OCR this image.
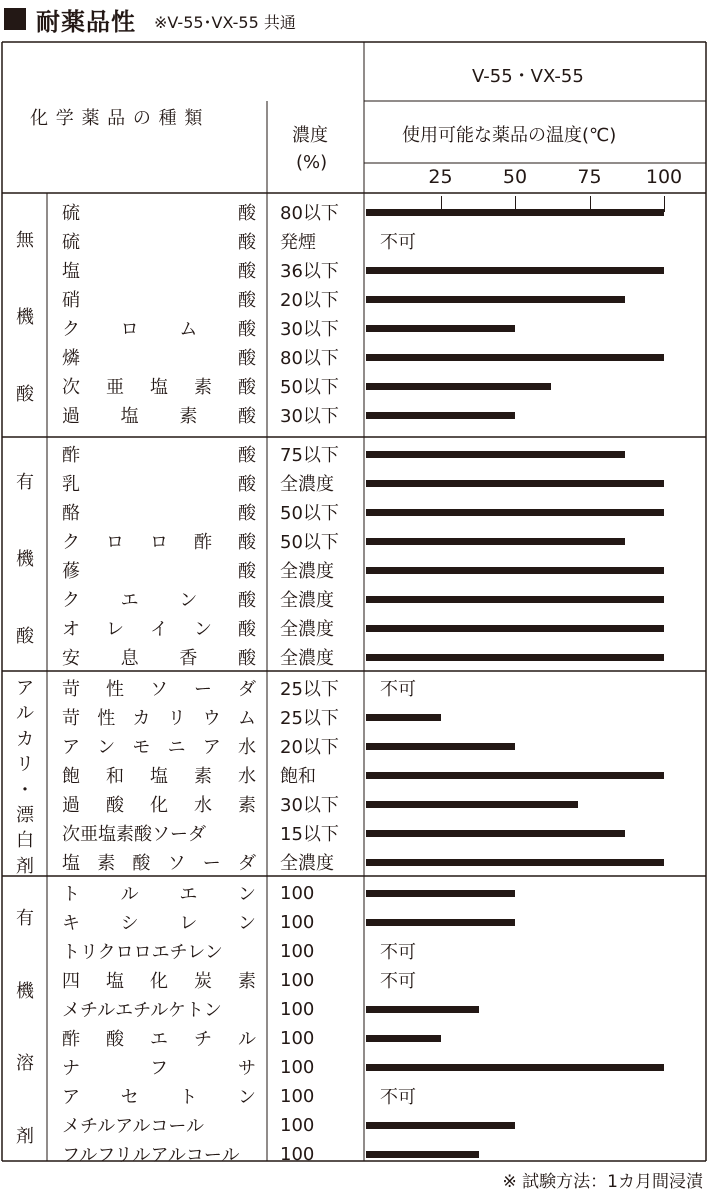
耐薬品性 ※V-55･VX-55 共通
V-55・VX-55
化 学 薬 品 の 種 類
濃度
(%)
使用可能な薬品の温度(℃)
25	50	75 100
硫	酸 80以下
硫	酸 発煙	不可
塩	酸 36以下
硝	酸 20以下
ク ロ ム 酸 30以下
燐	酸 80以下
次 亜 塩 素 酸 50以下
過 塩 素 酸 30以下
無
機
酸
酢	酸 75以下
乳	酸 全濃度
酪	酸 50以下
ク ロ ロ 酢 酸 50以下
蓚	酸 全濃度
ク エ ン 酸 全濃度
オ レ イ ン 酸 全濃度
安 息 香 酸 全濃度
有
機
酸
苛 性 ソ ー ダ 25以下 不可
苛 性 カ リ ウ ム 25以下
ア ン モ ニ ア 水 20以下
飽 和 塩 素 水 飽和
過 酸 化 水 素 30以下
次亜塩素酸ソーダ	15以下
塩 素 酸 ソ ー ダ 全濃度
ア
ル
カ
リ
・
漂
白
剤
ト ル エ ン 100
キ シ レ ン 100
トリクロロエチレン	100	不可
四 塩 化 炭 素 100	不可
メチルエチルケトン	100
酢 酸 エ チ ル 100
ナ	フ	サ 100
ア セ ト ン 100	不可
メチルアルコール	100
フルフリルアルコール 100
有
機
溶
剤
※ 試験方法：1カ月間浸漬
